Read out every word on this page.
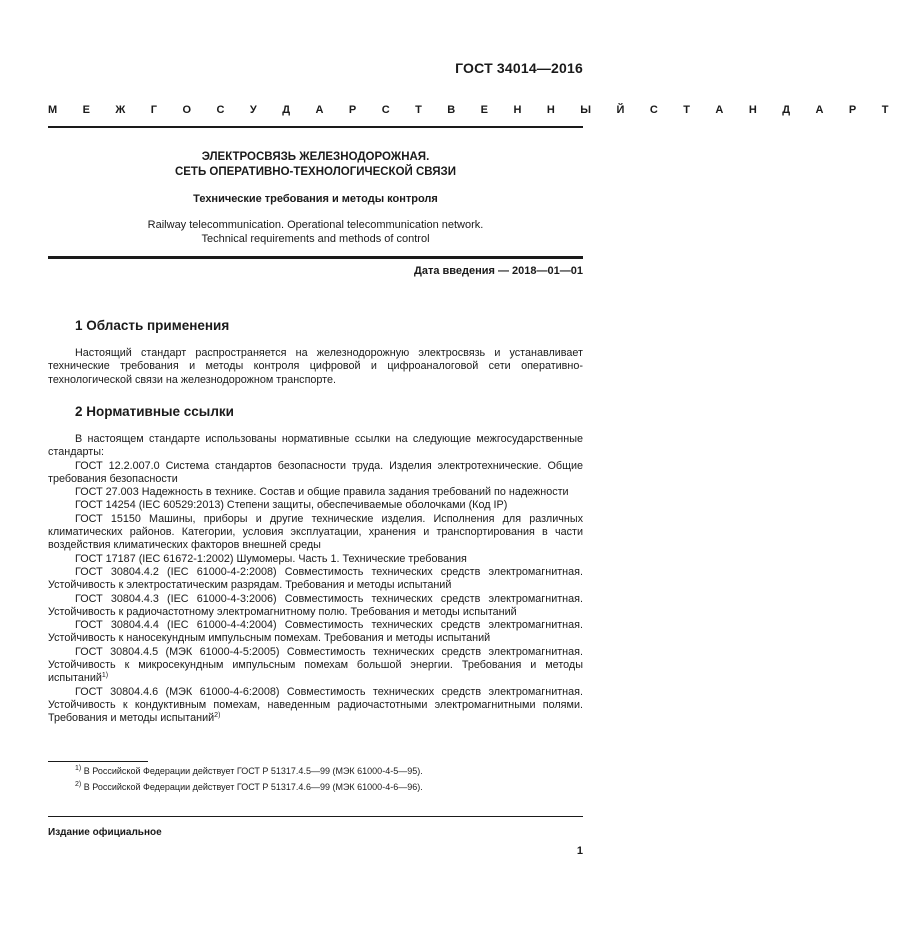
ГОСТ 34014—2016
М Е Ж Г О С У Д А Р С Т В Е Н Н Ы Й С Т А Н Д А Р Т
ЭЛЕКТРОСВЯЗЬ ЖЕЛЕЗНОДОРОЖНАЯ.
СЕТЬ ОПЕРАТИВНО-ТЕХНОЛОГИЧЕСКОЙ СВЯЗИ
Технические требования и методы контроля
Railway telecommunication. Operational telecommunication network.
Technical requirements and methods of control
Дата введения — 2018—01—01
1 Область применения

Настоящий стандарт распространяется на железнодорожную электросвязь и устанавливает технические требования и методы контроля цифровой и цифроаналоговой сети оперативно-технологической связи на железнодорожном транспорте.

2 Нормативные ссылки

В настоящем стандарте использованы нормативные ссылки на следующие межгосударственные стандарты:

ГОСТ 12.2.007.0 Система стандартов безопасности труда. Изделия электротехнические. Общие требования безопасности

ГОСТ 27.003 Надежность в технике. Состав и общие правила задания требований по надежности

ГОСТ 14254 (IEC 60529:2013) Степени защиты, обеспечиваемые оболочками (Код IP)

ГОСТ 15150 Машины, приборы и другие технические изделия. Исполнения для различных климатических районов. Категории, условия эксплуатации, хранения и транспортирования в части воздействия климатических факторов внешней среды

ГОСТ 17187 (IEC 61672-1:2002) Шумомеры. Часть 1. Технические требования

ГОСТ 30804.4.2 (IEC 61000-4-2:2008) Совместимость технических средств электромагнитная. Устойчивость к электростатическим разрядам. Требования и методы испытаний

ГОСТ 30804.4.3 (IEC 61000-4-3:2006) Совместимость технических средств электромагнитная. Устойчивость к радиочастотному электромагнитному полю. Требования и методы испытаний

ГОСТ 30804.4.4 (IEC 61000-4-4:2004) Совместимость технических средств электромагнитная. Устойчивость к наносекундным импульсным помехам. Требования и методы испытаний

ГОСТ 30804.4.5 (МЭК 61000-4-5:2005) Совместимость технических средств электромагнитная. Устойчивость к микросекундным импульсным помехам большой энергии. Требования и методы испытаний$^{1)}$

ГОСТ 30804.4.6 (МЭК 61000-4-6:2008) Совместимость технических средств электромагнитная. Устойчивость к кондуктивным помехам, наведенным радиочастотными электромагнитными полями. Требования и методы испытаний$^{2)}$

$^{1)}$ В Российской Федерации действует ГОСТ Р 51317.4.5—99 (МЭК 61000-4-5—95).
$^{2)}$ В Российской Федерации действует ГОСТ Р 51317.4.6—99 (МЭК 61000-4-6—96).
Издание официальное
1
